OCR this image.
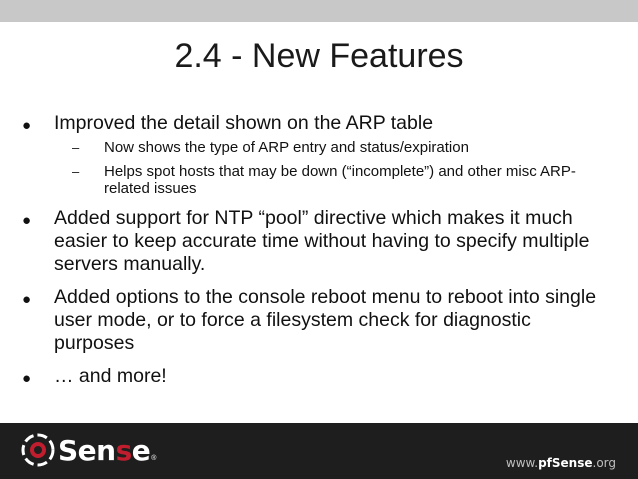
2.4 - New Features
● Improved the detail shown on the ARP table
– Now shows the type of ARP entry and status/expiration
– Helps spot hosts that may be down (“incomplete”) and other misc ARP-related issues
● Added support for NTP “pool” directive which makes it much easier to keep accurate time without having to specify multiple servers manually.
● Added options to the console reboot menu to reboot into single user mode, or to force a filesystem check for diagnostic purposes
● … and more!
Sense ®	www.pfSense.org
